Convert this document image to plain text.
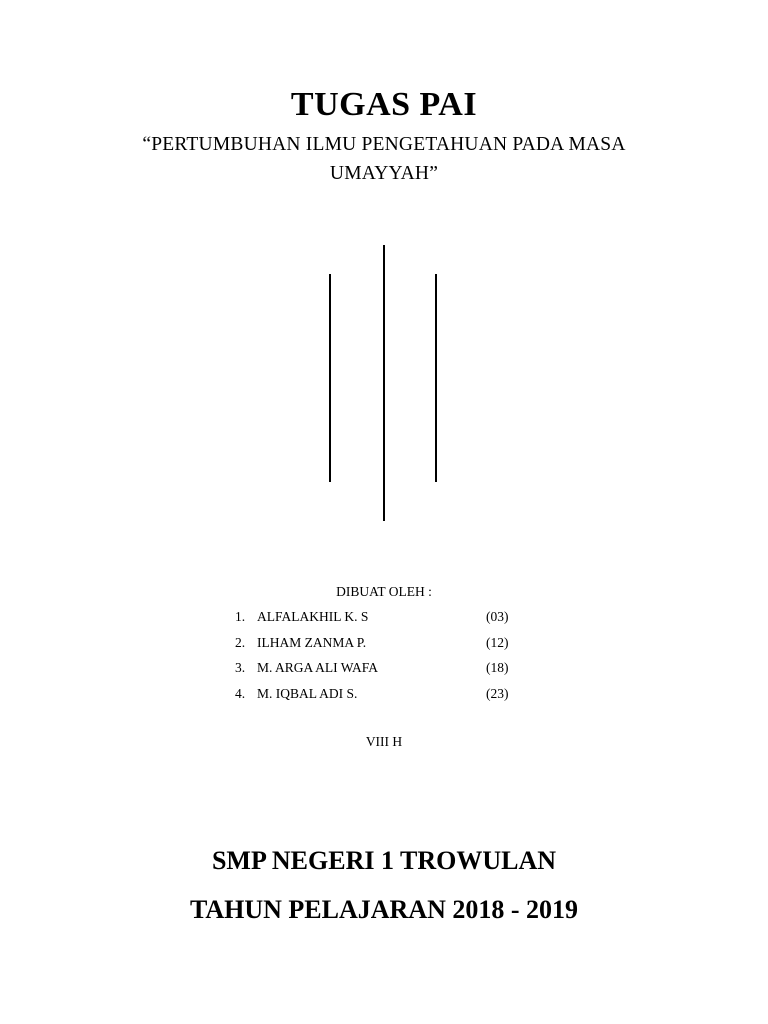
TUGAS PAI
“PERTUMBUHAN ILMU PENGETAHUAN PADA MASA
UMAYYAH”
DIBUAT OLEH :
1. ALFALAKHIL K. S	(03)
2. ILHAM ZANMA P.	(12)
3. M. ARGA ALI WAFA	(18)
4. M. IQBAL ADI S.	(23)
VIII H
SMP NEGERI 1 TROWULAN
TAHUN PELAJARAN 2018 - 2019
